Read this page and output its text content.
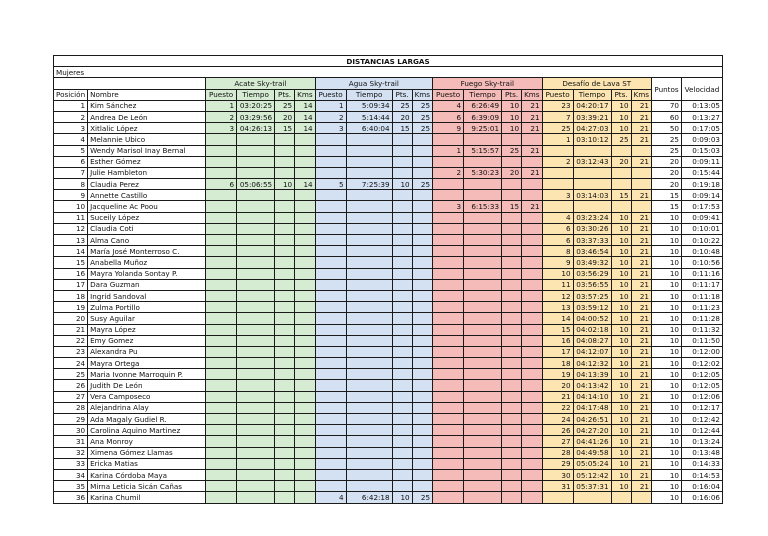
DISTANCIAS LARGAS																			
Mujeres																			
		Acate Sky-trail				Agua Sky-trail				Fuego Sky-trail				Desafío de Lava ST				Puntos	Velocidad
Posición	Nombre	Puesto	Tiempo	Pts.	Kms	Puesto	Tiempo	Pts.	Kms	Puesto	Tiempo	Pts.	Kms	Puesto	Tiempo	Pts.	Kms		
1	Kim Sánchez	1	03:20:25	25	14	1	5:09:34	25	25	4	6:26:49	10	21	23	04:20:17	10	21	70	0:13:05
2	Andrea De León	2	03:29:56	20	14	2	5:14:44	20	25	6	6:39:09	10	21	7	03:39:21	10	21	60	0:13:27
3	Xitlalic López	3	04:26:13	15	14	3	6:40:04	15	25	9	9:25:01	10	21	25	04:27:03	10	21	50	0:17:05
4	Melannie Ubico													1	03:10:12	25	21	25	0:09:03
5	Wendy Marisol Inay Bernal									1	5:15:57	25	21					25	0:15:03
6	Esther Gómez													2	03:12:43	20	21	20	0:09:11
7	Julie Hambleton									2	5:30:23	20	21					20	0:15:44
8	Claudia Perez	6	05:06:55	10	14	5	7:25:39	10	25									20	0:19:18
9	Annette Castillo													3	03:14:03	15	21	15	0:09:14
10	Jacqueline Ac Poou									3	6:15:33	15	21					15	0:17:53
11	Suceily López													4	03:23:24	10	21	10	0:09:41
12	Claudia Coti													6	03:30:26	10	21	10	0:10:01
13	Alma Cano													6	03:37:33	10	21	10	0:10:22
14	María José Monterroso C.													8	03:46:54	10	21	10	0:10:48
15	Anabella Muñoz													9	03:49:32	10	21	10	0:10:56
16	Mayra Yolanda Sontay P.													10	03:56:29	10	21	10	0:11:16
17	Dara Guzman													11	03:56:55	10	21	10	0:11:17
18	Ingrid Sandoval													12	03:57:25	10	21	10	0:11:18
19	Zulma Portillo													13	03:59:12	10	21	10	0:11:23
20	Susy Aguilar													14	04:00:52	10	21	10	0:11:28
21	Mayra López													15	04:02:18	10	21	10	0:11:32
22	Emy Gomez													16	04:08:27	10	21	10	0:11:50
23	Alexandra Pu													17	04:12:07	10	21	10	0:12:00
24	Mayra Ortega													18	04:12:32	10	21	10	0:12:02
25	Maria Ivonne Marroquin P.													19	04:13:39	10	21	10	0:12:05
26	Judith De León													20	04:13:42	10	21	10	0:12:05
27	Vera Camposeco													21	04:14:10	10	21	10	0:12:06
28	Alejandrina Alay													22	04:17:48	10	21	10	0:12:17
29	Ada Magaly Gudiel R.													24	04:26:51	10	21	10	0:12:42
30	Carolina Aquino Martinez													26	04:27:20	10	21	10	0:12:44
31	Ana Monroy													27	04:41:26	10	21	10	0:13:24
32	Ximena Gómez Llamas													28	04:49:58	10	21	10	0:13:48
33	Ericka Matias													29	05:05:24	10	21	10	0:14:33
34	Karina Córdoba Maya													30	05:12:42	10	21	10	0:14:53
35	Mirna Leticia Sicán Cañas													31	05:37:31	10	21	10	0:16:04
36	Karina Chumil					4	6:42:18	10	25									10	0:16:06
